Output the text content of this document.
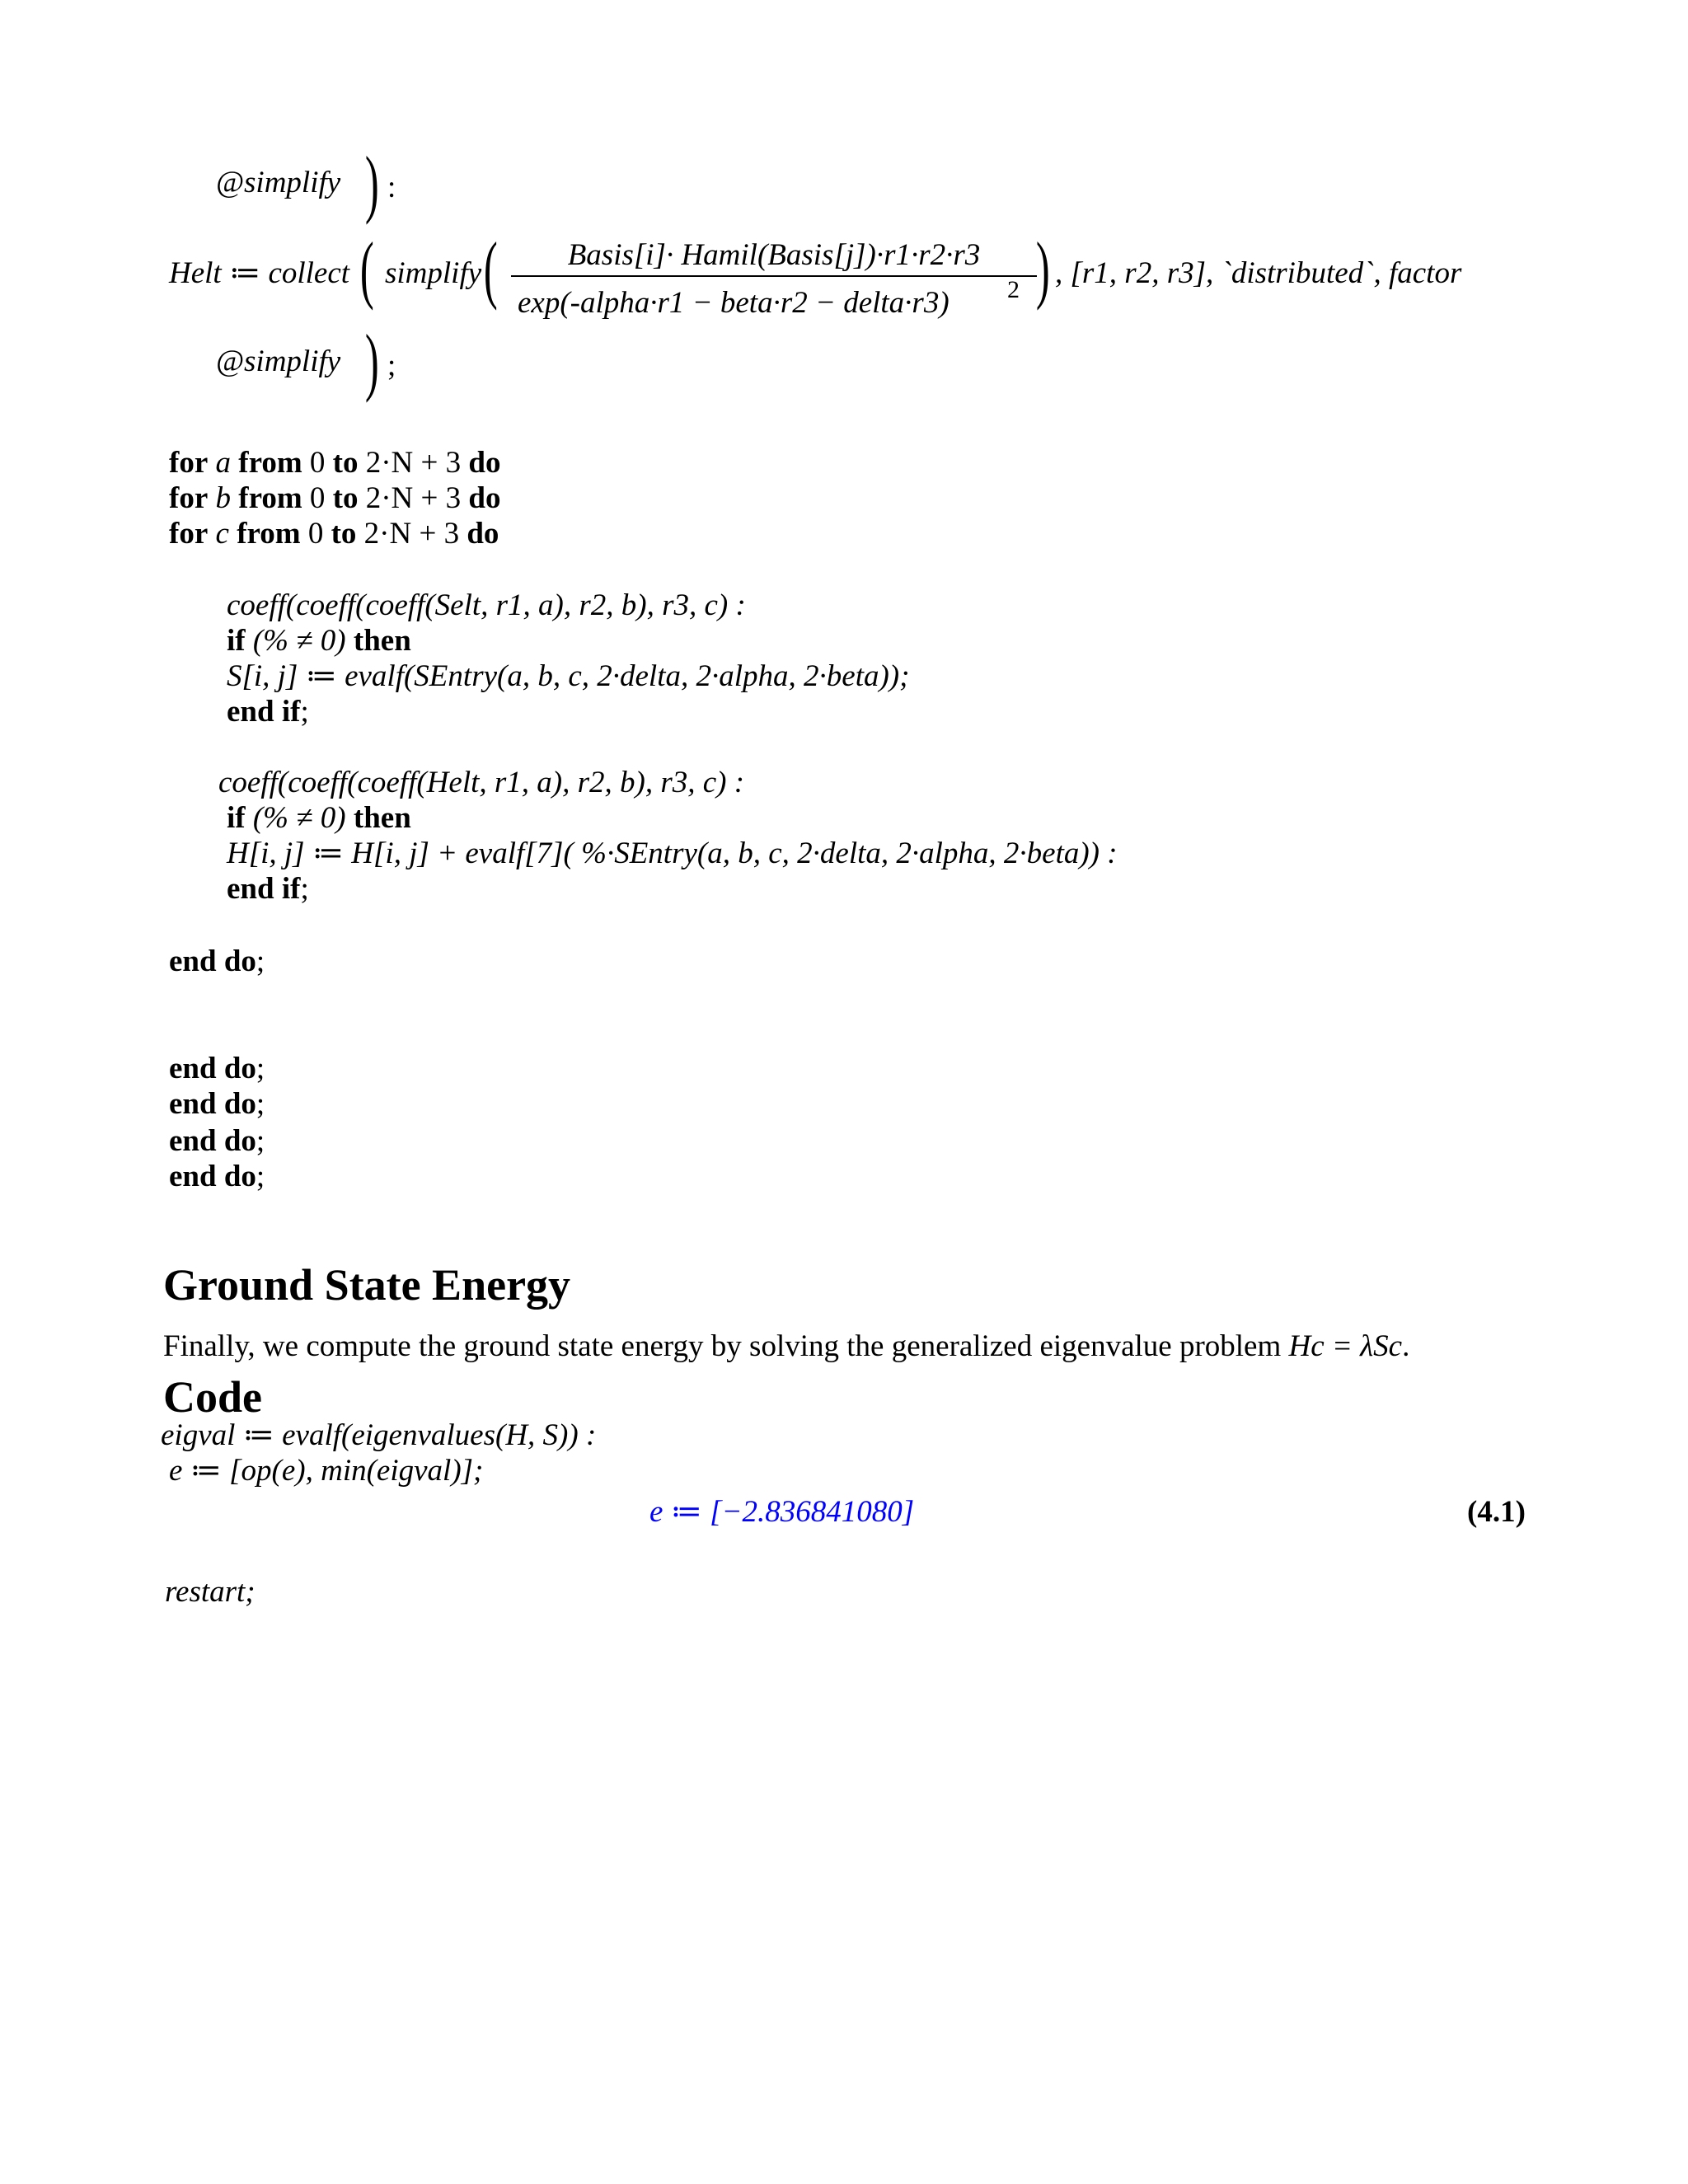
@simplify ) :
Helt ≔ collect ( simplify (	Basis[i]· Hamil(Basis[j])·r1·r2·r3
exp(-alpha·r1 − beta·r2 − delta·r3) 2 ) , [r1, r2, r3], `distributed`, factor
@simplify ) ;
for a from 0 to 2·N + 3 do
for b from 0 to 2·N + 3 do
for c from 0 to 2·N + 3 do
coeff(coeff(coeff(Selt, r1, a), r2, b), r3, c) :
if (% ≠ 0) then
S[i, j] ≔ evalf(SEntry(a, b, c, 2·delta, 2·alpha, 2·beta));
end if;
coeff(coeff(coeff(Helt, r1, a), r2, b), r3, c) :
if (% ≠ 0) then
H[i, j] ≔ H[i, j] + evalf[7]( %·SEntry(a, b, c, 2·delta, 2·alpha, 2·beta)) :
end if;
end do;
end do;
end do;
end do;
end do;
Ground State Energy
Finally, we compute the ground state energy by solving the generalized eigenvalue problem Hc = λSc.
Code
eigval ≔ evalf(eigenvalues(H, S)) :
e ≔ [op(e), min(eigval)];
e ≔ [−2.836841080]	(4.1)
restart;
